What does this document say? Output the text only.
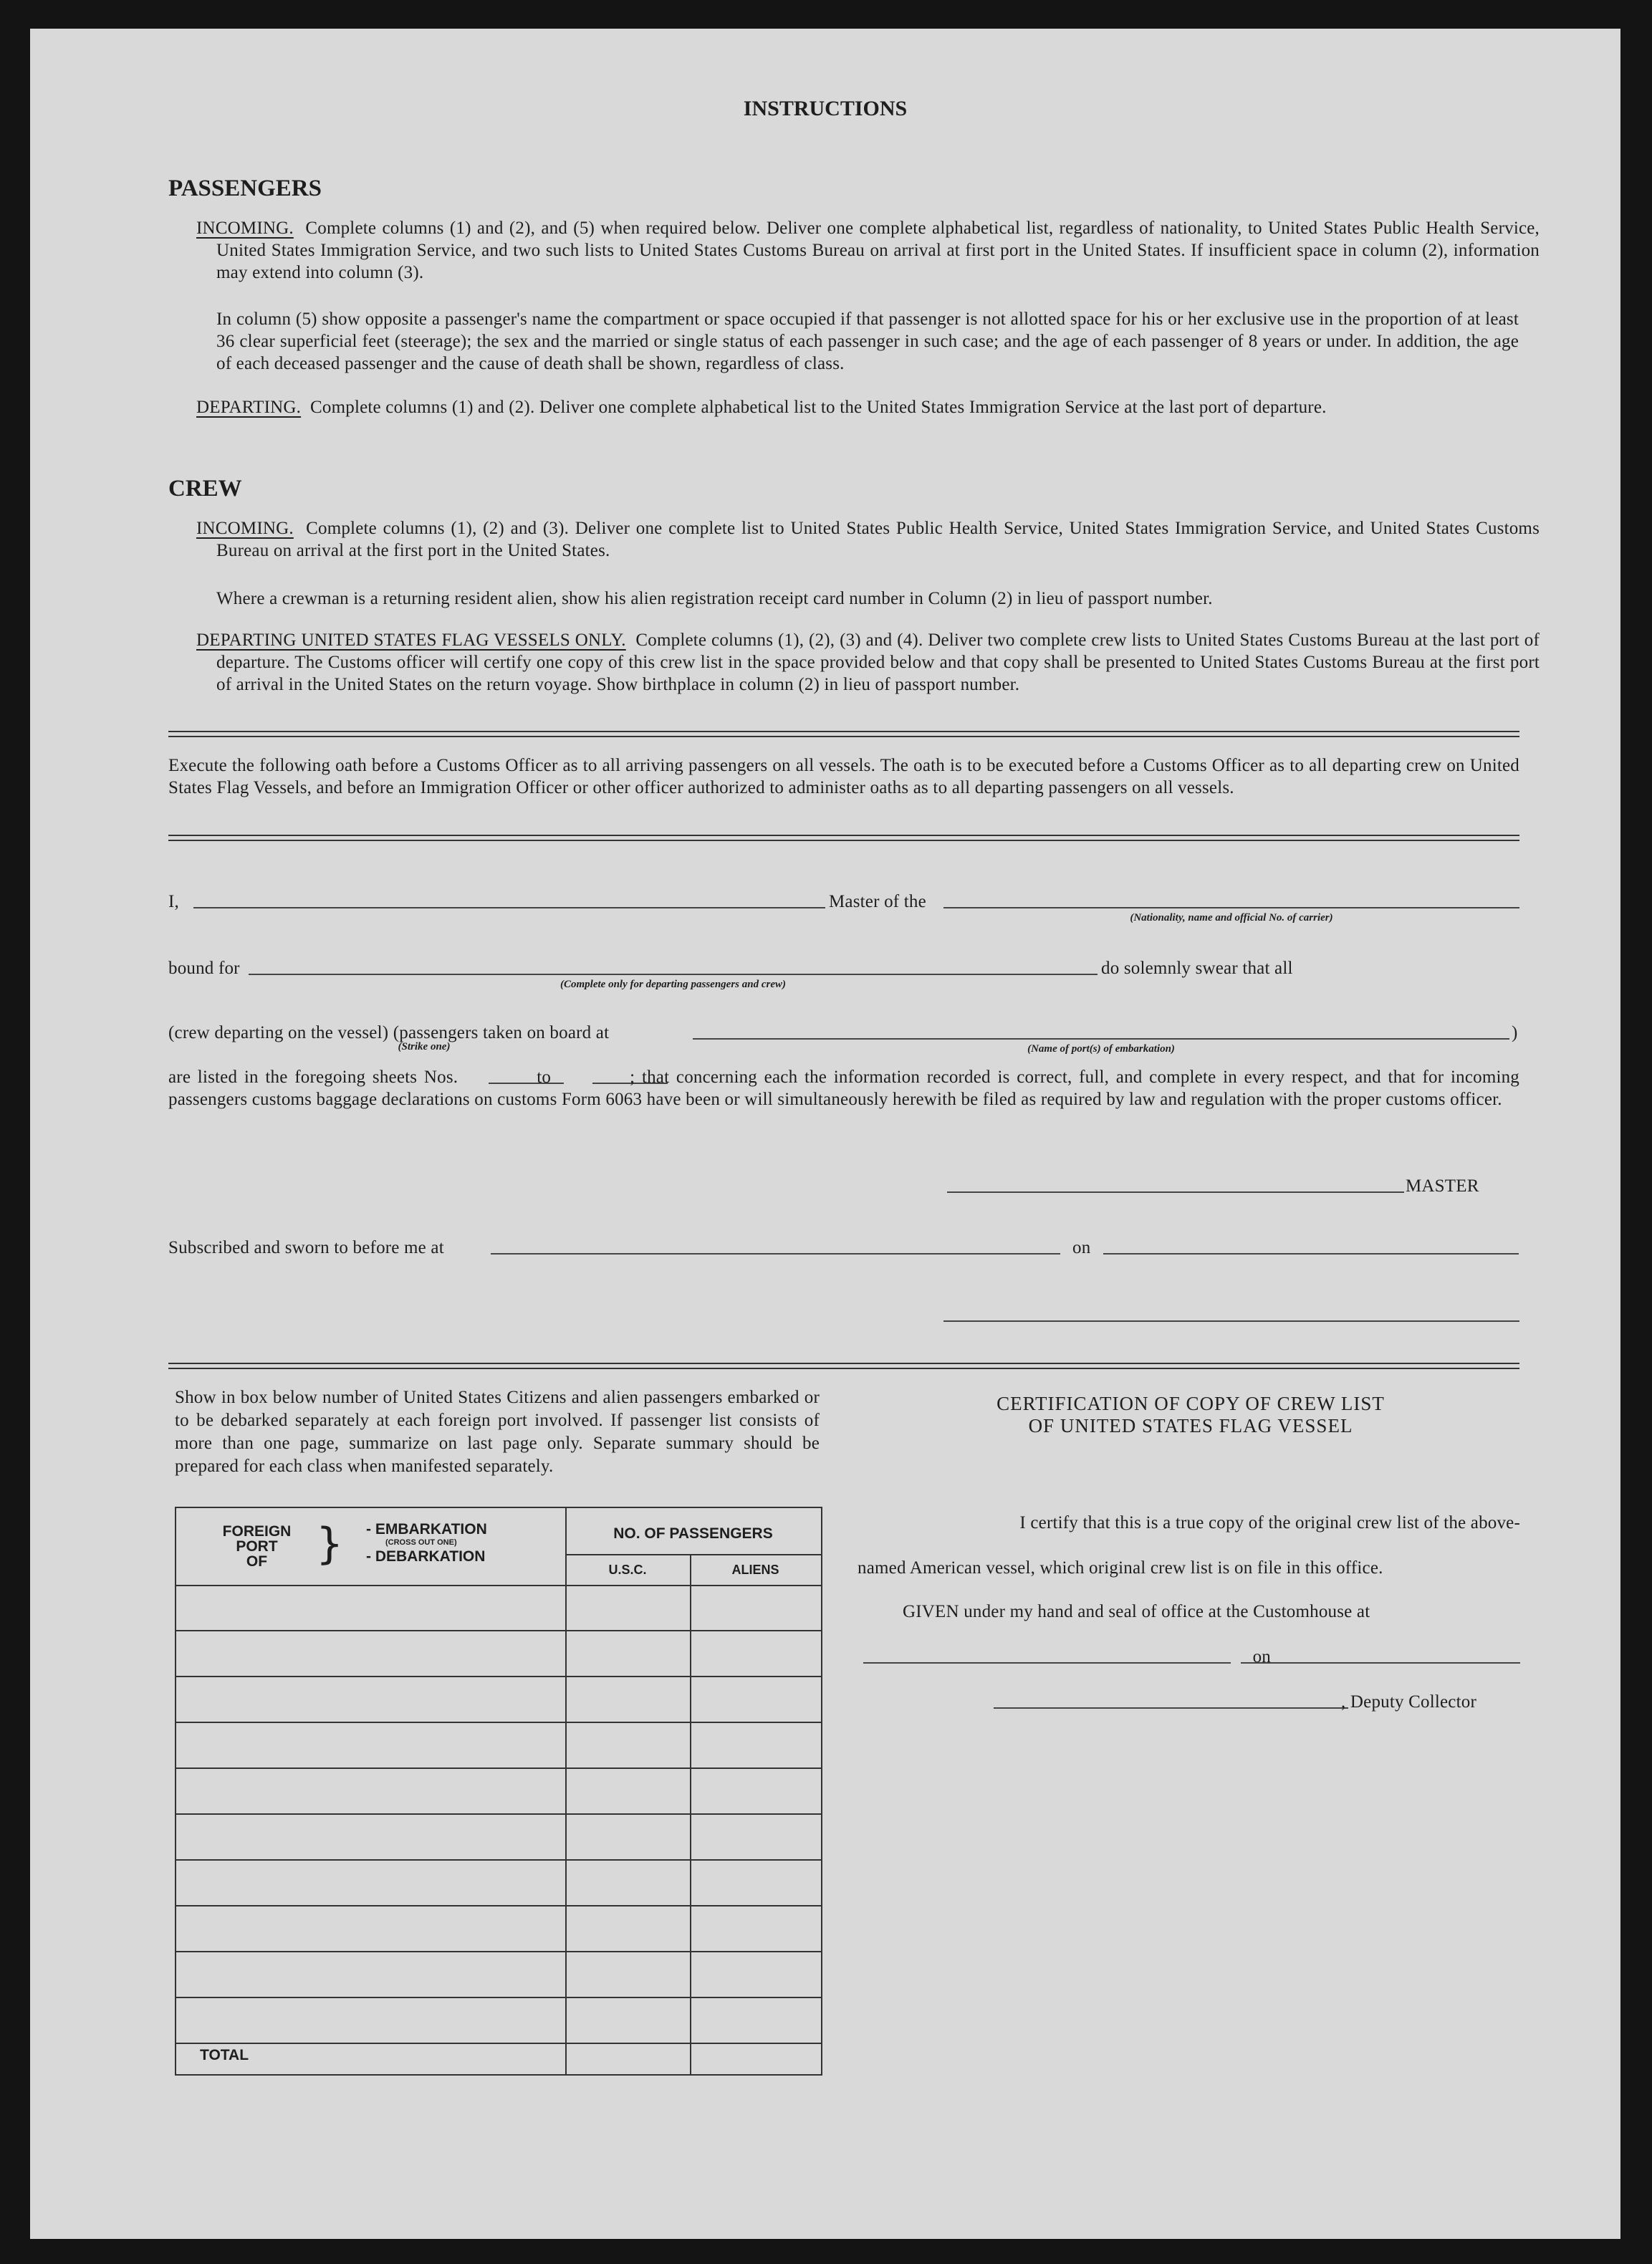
INSTRUCTIONS
PASSENGERS
INCOMING. Complete columns (1) and (2), and (5) when required below. Deliver one complete alphabetical list, regardless of nationality, to United States Public Health Service, United States Immigration Service, and two such lists to United States Customs Bureau on arrival at first port in the United States. If insufficient space in column (2), information may extend into column (3).
In column (5) show opposite a passenger's name the compartment or space occupied if that passenger is not allotted space for his or her exclusive use in the proportion of at least 36 clear superficial feet (steerage); the sex and the married or single status of each passenger in such case; and the age of each passenger of 8 years or under. In addition, the age of each deceased passenger and the cause of death shall be shown, regardless of class.
DEPARTING. Complete columns (1) and (2). Deliver one complete alphabetical list to the United States Immigration Service at the last port of departure.
CREW
INCOMING. Complete columns (1), (2) and (3). Deliver one complete list to United States Public Health Service, United States Immigration Service, and United States Customs Bureau on arrival at the first port in the United States.
Where a crewman is a returning resident alien, show his alien registration receipt card number in Column (2) in lieu of passport number.
DEPARTING UNITED STATES FLAG VESSELS ONLY. Complete columns (1), (2), (3) and (4). Deliver two complete crew lists to United States Customs Bureau at the last port of departure. The Customs officer will certify one copy of this crew list in the space provided below and that copy shall be presented to United States Customs Bureau at the first port of arrival in the United States on the return voyage. Show birthplace in column (2) in lieu of passport number.
Execute the following oath before a Customs Officer as to all arriving passengers on all vessels. The oath is to be executed before a Customs Officer as to all departing crew on United States Flag Vessels, and before an Immigration Officer or other officer authorized to administer oaths as to all departing passengers on all vessels.
I,	Master of the
(Nationality, name and official No. of carrier)
bound for
(Complete only for departing passengers and crew)
do solemnly swear that all
(crew departing on the vessel) (passengers taken on board at
(Strike one)	(Name of port(s) of embarkation)
)
are listed in the foregoing sheets Nos.	to	; that concerning each the information recorded is correct, full, and complete in every respect, and that for incoming passengers customs baggage declarations on customs Form 6063 have been or will simultaneously herewith be filed as required by law and regulation with the proper customs officer.
MASTER
Subscribed and sworn to before me at	on
Show in box below number of United States Citizens and alien passengers embarked or to be debarked separately at each foreign port involved. If passenger list consists of more than one page, summarize on last page only. Separate summary should be prepared for each class when manifested separately.
FOREIGN
PORT
OF	} - EMBARKATION
(CROSS OUT ONE)
- DEBARKATION
NO. OF PASSENGERS
U.S.C.	ALIENS
TOTAL
CERTIFICATION OF COPY OF CREW LIST
OF UNITED STATES FLAG VESSEL
I certify that this is a true copy of the original crew list of the above-
named American vessel, which original crew list is on file in this office.
GIVEN under my hand and seal of office at the Customhouse at
on
, Deputy Collector
